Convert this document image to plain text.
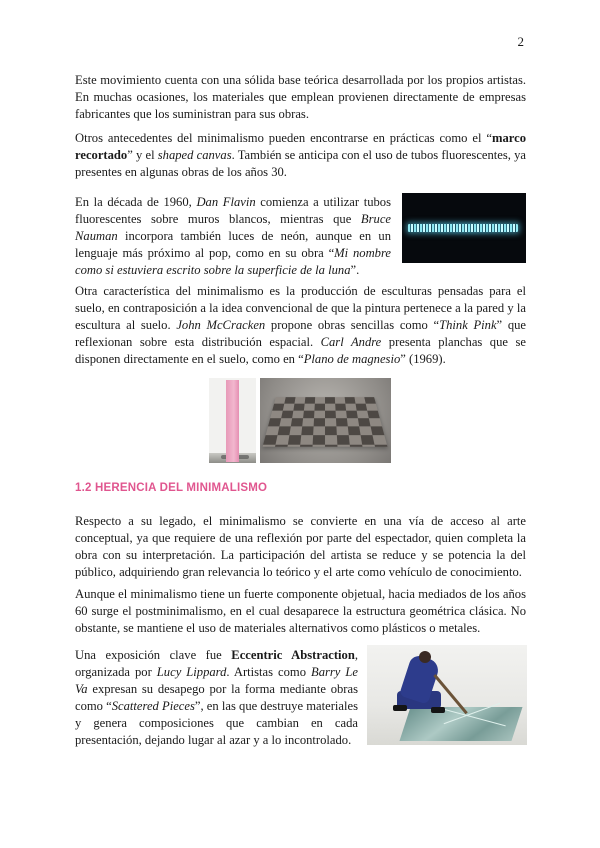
2

Este movimiento cuenta con una sólida base teórica desarrollada por los propios artistas. En muchas ocasiones, los materiales que emplean provienen directamente de empresas fabricantes que los suministran para sus obras.

Otros antecedentes del minimalismo pueden encontrarse en prácticas como el “marco recortado” y el shaped canvas. También se anticipa con el uso de tubos fluorescentes, ya presentes en algunas obras de los años 30.

En la década de 1960, Dan Flavin comienza a utilizar tubos fluorescentes sobre muros blancos, mientras que Bruce Nauman incorpora también luces de neón, aunque en un lenguaje más próximo al pop, como en su obra “Mi nombre como si estuviera escrito sobre la superficie de la luna”.

Otra característica del minimalismo es la producción de esculturas pensadas para el suelo, en contraposición a la idea convencional de que la pintura pertenece a la pared y la escultura al suelo. John McCracken propone obras sencillas como “Think Pink” que reflexionan sobre esta distribución espacial. Carl Andre presenta planchas que se disponen directamente en el suelo, como en “Plano de magnesio” (1969).

1.2 HERENCIA DEL MINIMALISMO

Respecto a su legado, el minimalismo se convierte en una vía de acceso al arte conceptual, ya que requiere de una reflexión por parte del espectador, quien completa la obra con su interpretación. La participación del artista se reduce y se potencia la del público, adquiriendo gran relevancia lo teórico y el arte como vehículo de conocimiento.

Aunque el minimalismo tiene un fuerte componente objetual, hacia mediados de los años 60 surge el postminimalismo, en el cual desaparece la estructura geométrica clásica. No obstante, se mantiene el uso de materiales alternativos como plásticos o metales.

Una exposición clave fue Eccentric Abstraction, organizada por Lucy Lippard. Artistas como Barry Le Va expresan su desapego por la forma mediante obras como “Scattered Pieces”, en las que destruye materiales y genera composiciones que cambian en cada presentación, dejando lugar al azar y a lo incontrolado.
